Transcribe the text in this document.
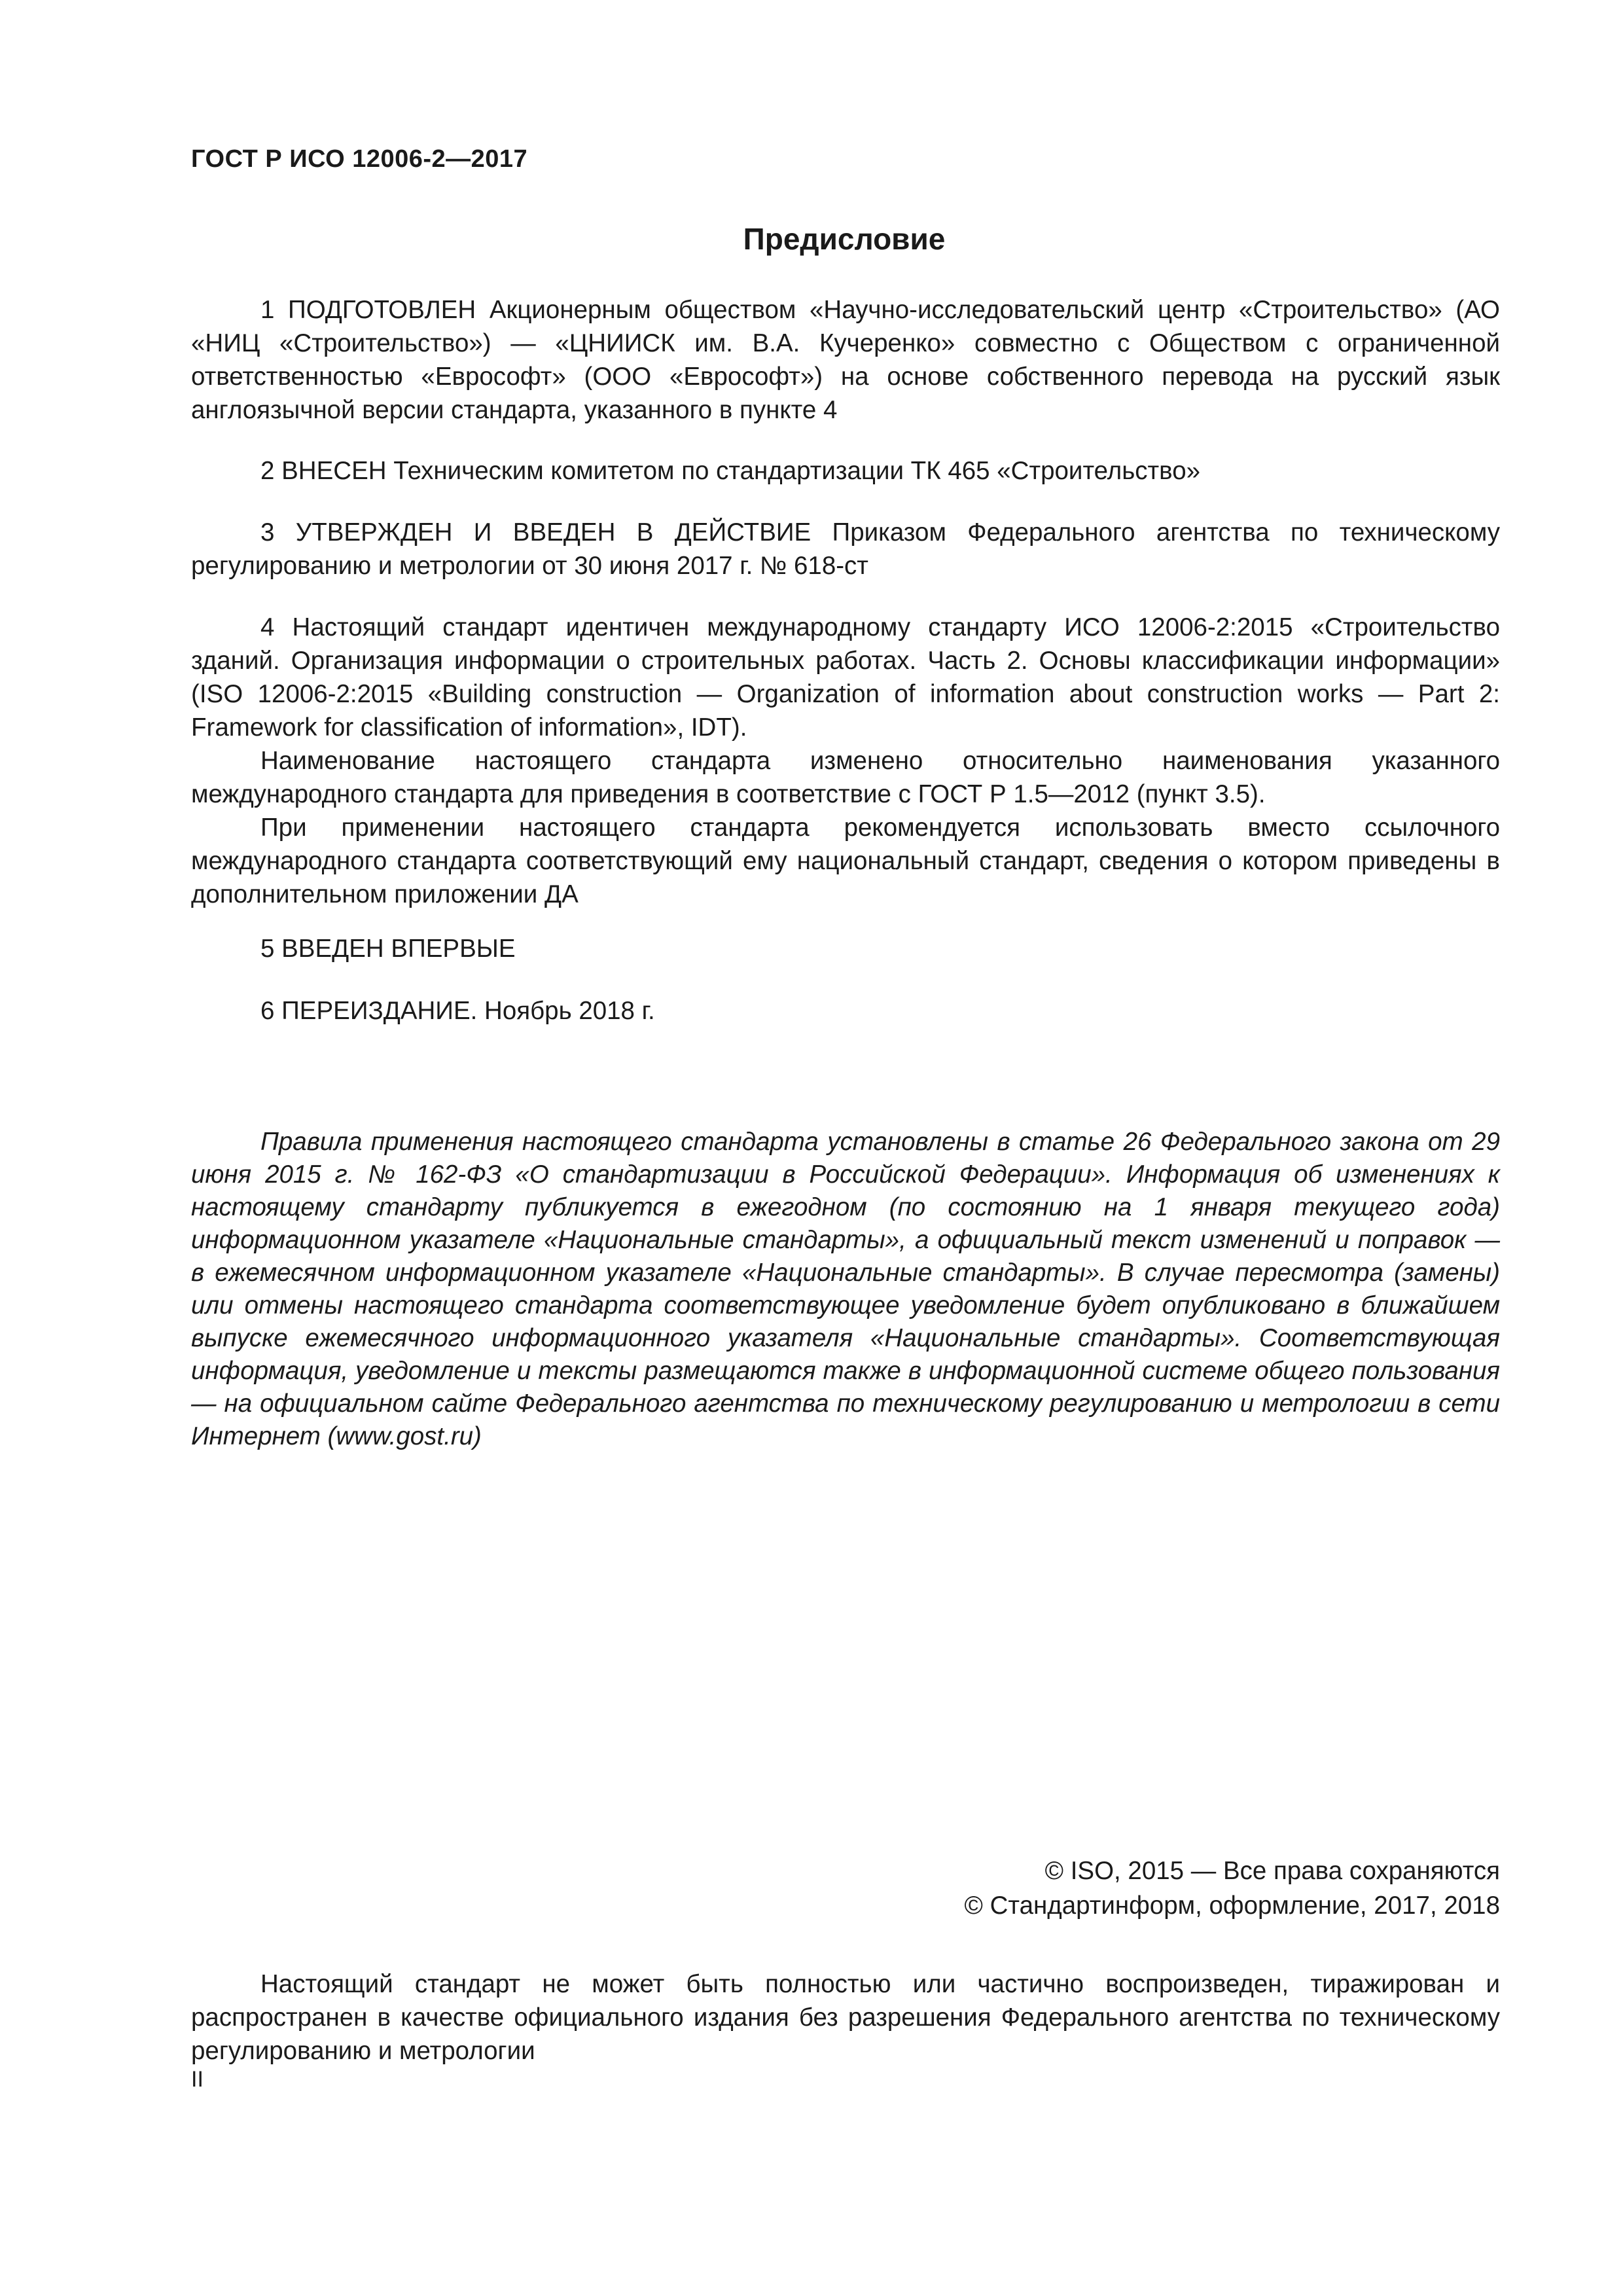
ГОСТ Р ИСО 12006-2—2017
Предисловие

1 ПОДГОТОВЛЕН Акционерным обществом «Научно-исследовательский центр «Строительство» (АО «НИЦ «Строительство») — «ЦНИИСК им. В.А. Кучеренко» совместно с Обществом с ограниченной ответственностью «Еврософт» (ООО «Еврософт») на основе собственного перевода на русский язык англоязычной версии стандарта, указанного в пункте 4

2 ВНЕСЕН Техническим комитетом по стандартизации ТК 465 «Строительство»

3 УТВЕРЖДЕН И ВВЕДЕН В ДЕЙСТВИЕ Приказом Федерального агентства по техническому регулированию и метрологии от 30 июня 2017 г. № 618-ст

4 Настоящий стандарт идентичен международному стандарту ИСО 12006-2:2015 «Строительство зданий. Организация информации о строительных работах. Часть 2. Основы классификации информации» (ISO 12006-2:2015 «Building construction — Organization of information about construction works — Part 2: Framework for classification of information», IDT).

Наименование настоящего стандарта изменено относительно наименования указанного международного стандарта для приведения в соответствие с ГОСТ Р 1.5—2012 (пункт 3.5).

При применении настоящего стандарта рекомендуется использовать вместо ссылочного международного стандарта соответствующий ему национальный стандарт, сведения о котором приведены в дополнительном приложении ДА

5 ВВЕДЕН ВПЕРВЫЕ

6 ПЕРЕИЗДАНИЕ. Ноябрь 2018 г.

Правила применения настоящего стандарта установлены в статье 26 Федерального закона от 29 июня 2015 г. № 162-ФЗ «О стандартизации в Российской Федерации». Информация об изменениях к настоящему стандарту публикуется в ежегодном (по состоянию на 1 января текущего года) информационном указателе «Национальные стандарты», а официальный текст изменений и поправок — в ежемесячном информационном указателе «Национальные стандарты». В случае пересмотра (замены) или отмены настоящего стандарта соответствующее уведомление будет опубликовано в ближайшем выпуске ежемесячного информационного указателя «Национальные стандарты». Соответствующая информация, уведомление и тексты размещаются также в информационной системе общего пользования — на официальном сайте Федерального агентства по техническому регулированию и метрологии в сети Интернет (www.gost.ru)
© ISO, 2015 — Все права сохраняются
© Стандартинформ, оформление, 2017, 2018
Настоящий стандарт не может быть полностью или частично воспроизведен, тиражирован и распространен в качестве официального издания без разрешения Федерального агентства по техническому регулированию и метрологии
II
